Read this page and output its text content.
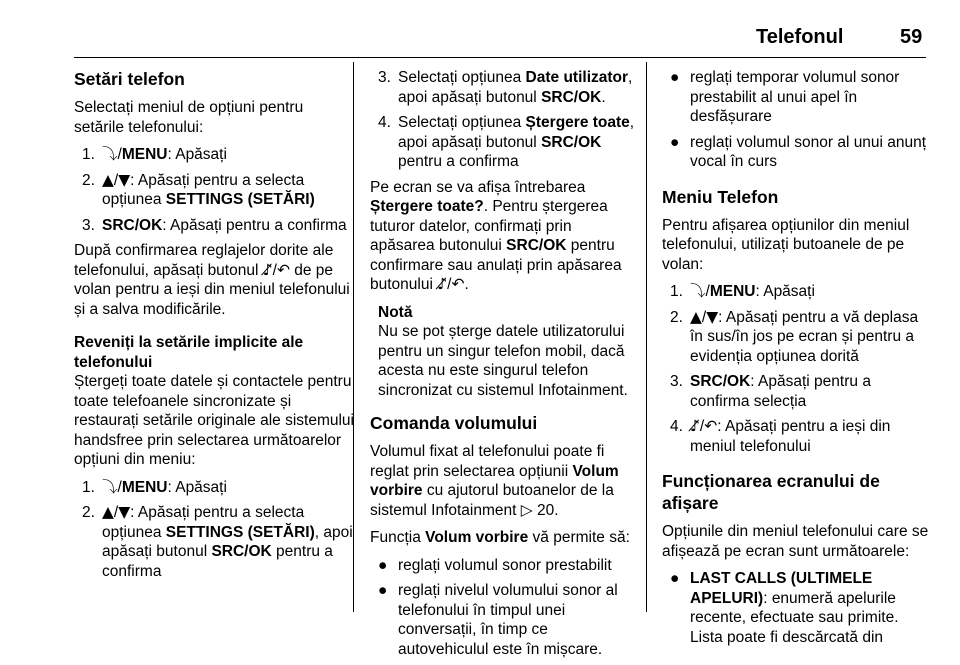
Telefonul	59
Setări telefon

Selectați meniul de opțiuni pentru setările telefonului:

1. ⤵/MENU: Apăsați
2. ▲/▼: Apăsați pentru a selecta opțiunea SETTINGS (SETĂRI)
3. SRC/OK: Apăsați pentru a confirma

După confirmarea reglajelor dorite ale telefonului, apăsați butonul ♪̸/↶ de pe volan pentru a ieși din meniul telefonului și a salva modificările.

Reveniți la setările implicite ale telefonului

Ștergeți toate datele și contactele pentru toate telefoanele sincronizate și restaurați setările originale ale sistemului handsfree prin selectarea următoarelor opțiuni din meniu:

1. ⤵/MENU: Apăsați
2. ▲/▼: Apăsați pentru a selecta opțiunea SETTINGS (SETĂRI), apoi apăsați butonul SRC/OK pentru a confirma
3. Selectați opțiunea Date utilizator, apoi apăsați butonul SRC/OK.
4. Selectați opțiunea Ștergere toate, apoi apăsați butonul SRC/OK pentru a confirma

Pe ecran se va afișa întrebarea Ștergere toate?. Pentru ștergerea tuturor datelor, confirmați prin apăsarea butonului SRC/OK pentru confirmare sau anulați prin apăsarea butonului ♪̸/↶.

Notă
Nu se pot șterge datele utilizatorului pentru un singur telefon mobil, dacă acesta nu este singurul telefon sincronizat cu sistemul Infotainment.
Comanda volumului

Volumul fixat al telefonului poate fi reglat prin selectarea opțiunii Volum vorbire cu ajutorul butoanelor de la sistemul Infotainment ▷ 20.

Funcția Volum vorbire vă permite să:

● reglați volumul sonor prestabilit
● reglați nivelul volumului sonor al telefonului în timpul unei conversații, în timp ce autovehiculul este în mișcare.
● reglați temporar volumul sonor prestabilit al unui apel în desfășurare
● reglați volumul sonor al unui anunț vocal în curs
Meniu Telefon

Pentru afișarea opțiunilor din meniul telefonului, utilizați butoanele de pe volan:

1. ⤵/MENU: Apăsați
2. ▲/▼: Apăsați pentru a vă deplasa în sus/în jos pe ecran și pentru a evidenția opțiunea dorită
3. SRC/OK: Apăsați pentru a confirma selecția
4. ♪̸/↶: Apăsați pentru a ieși din meniul telefonului
Funcționarea ecranului de afișare

Opțiunile din meniul telefonului care se afișează pe ecran sunt următoarele:

● LAST CALLS (ULTIMELE APELURI): enumeră apelurile recente, efectuate sau primite. Lista poate fi descărcată din
